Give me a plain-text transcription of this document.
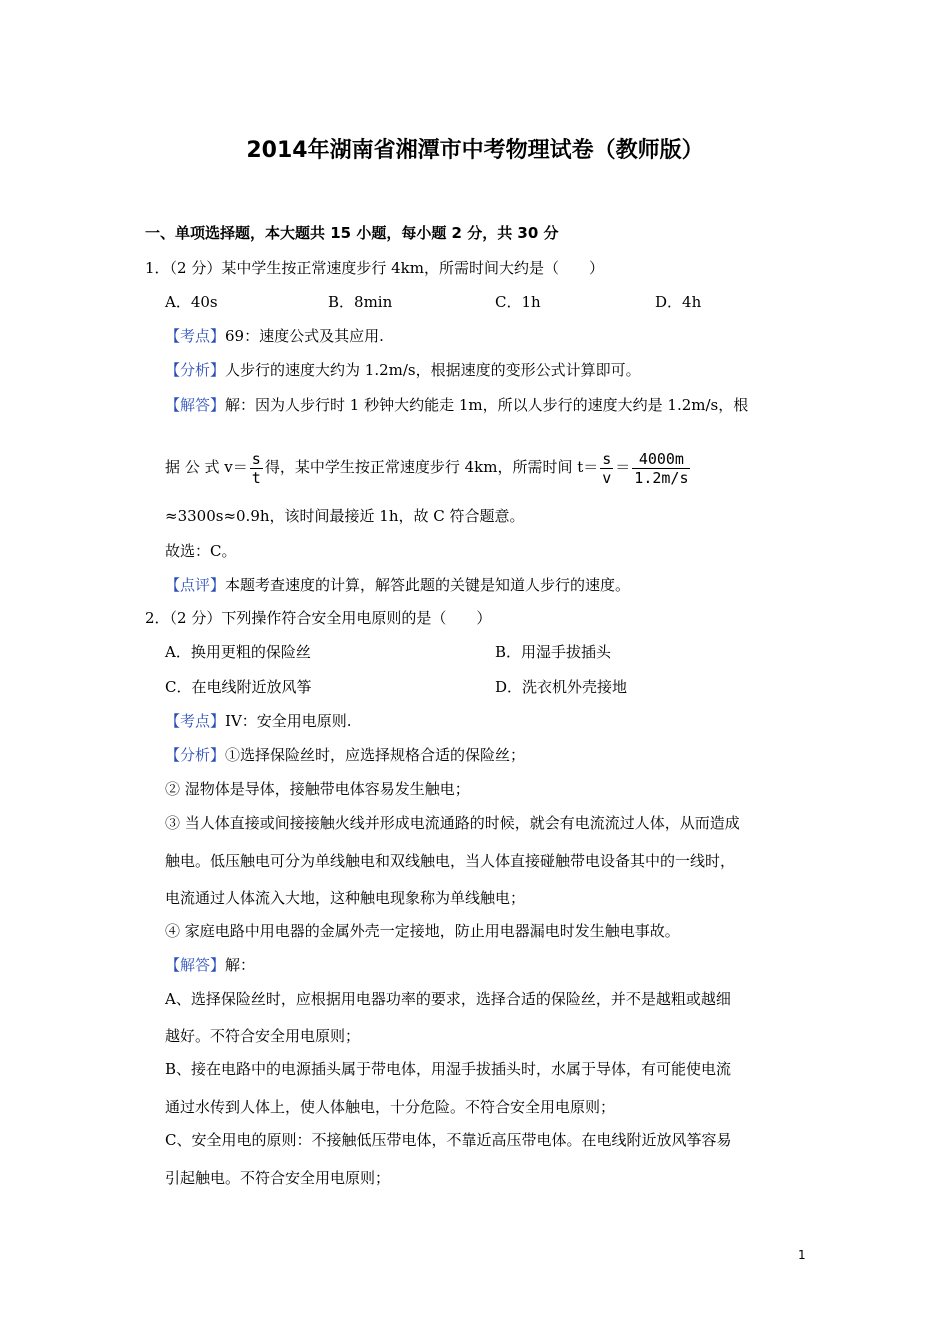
2014年湖南省湘潭市中考物理试卷（教师版）
一、单项选择题，本大题共 15 小题，每小题 2 分，共 30 分
1．（2 分）某中学生按正常速度步行 4km，所需时间大约是（　　）
A．40s	B．8min	C．1h	D．4h
【考点】69：速度公式及其应用.
【分析】人步行的速度大约为 1.2m/s，根据速度的变形公式计算即可。
【解答】解：因为人步行时 1 秒钟大约能走 1m，所以人步行的速度大约是 1.2m/s，根
据 公 式 $v= \frac{s}{t}$ 得，某中学生按正常速度步行 4km，所需时间 $t= \frac{s}{v} = \frac{4000m}{1.2m/s}$
≈3300s≈0.9h，该时间最接近 1h，故 C 符合题意。
故选：C。
【点评】本题考查速度的计算，解答此题的关键是知道人步行的速度。
2．（2 分）下列操作符合安全用电原则的是（　　）
A．换用更粗的保险丝	B．用湿手拔插头
C．在电线附近放风筝	D．洗衣机外壳接地
【考点】IV：安全用电原则.
【分析】①选择保险丝时，应选择规格合适的保险丝；
② 湿物体是导体，接触带电体容易发生触电；
③ 当人体直接或间接接触火线并形成电流通路的时候，就会有电流流过人体，从而造成
触电。低压触电可分为单线触电和双线触电，当人体直接碰触带电设备其中的一线时，
电流通过人体流入大地，这种触电现象称为单线触电；
④ 家庭电路中用电器的金属外壳一定接地，防止用电器漏电时发生触电事故。
【解答】解：
A、选择保险丝时，应根据用电器功率的要求，选择合适的保险丝，并不是越粗或越细
越好。不符合安全用电原则；
B、接在电路中的电源插头属于带电体，用湿手拔插头时，水属于导体，有可能使电流
通过水传到人体上，使人体触电，十分危险。不符合安全用电原则；
C、安全用电的原则：不接触低压带电体，不靠近高压带电体。在电线附近放风筝容易
引起触电。不符合安全用电原则；
1
